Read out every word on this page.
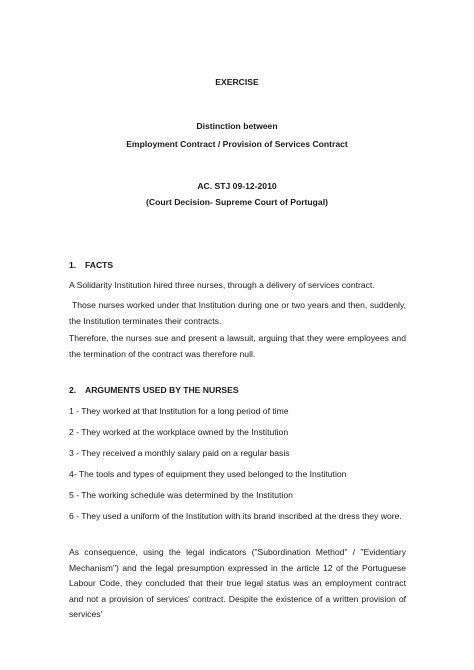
EXERCISE
Distinction between
Employment Contract / Provision of Services Contract
AC. STJ 09-12-2010
(Court Decision- Supreme Court of Portugal)
1. FACTS
A Solidarity Institution hired three nurses, through a delivery of services contract.
Those nurses worked under that Institution during one or two years and then, suddenly, the Institution terminates their contracts.
Therefore, the nurses sue and present a lawsuit, arguing that they were employees and the termination of the contract was therefore null.
2. ARGUMENTS USED BY THE NURSES
1 - They worked at that Institution for a long period of time
2 - They worked at the workplace owned by the Institution
3 - They received a monthly salary paid on a regular basis
4- The tools and types of equipment they used belonged to the Institution
5 - The working schedule was determined by the Institution
6 - They used a uniform of the Institution with its brand inscribed at the dress they wore.
As consequence, using the legal indicators ("Subordination Method" / "Evidentiary Mechanism") and the legal presumption expressed in the article 12 of the Portuguese Labour Code, they concluded that their true legal status was an employment contract and not a provision of services' contract. Despite the existence of a written provision of services'
